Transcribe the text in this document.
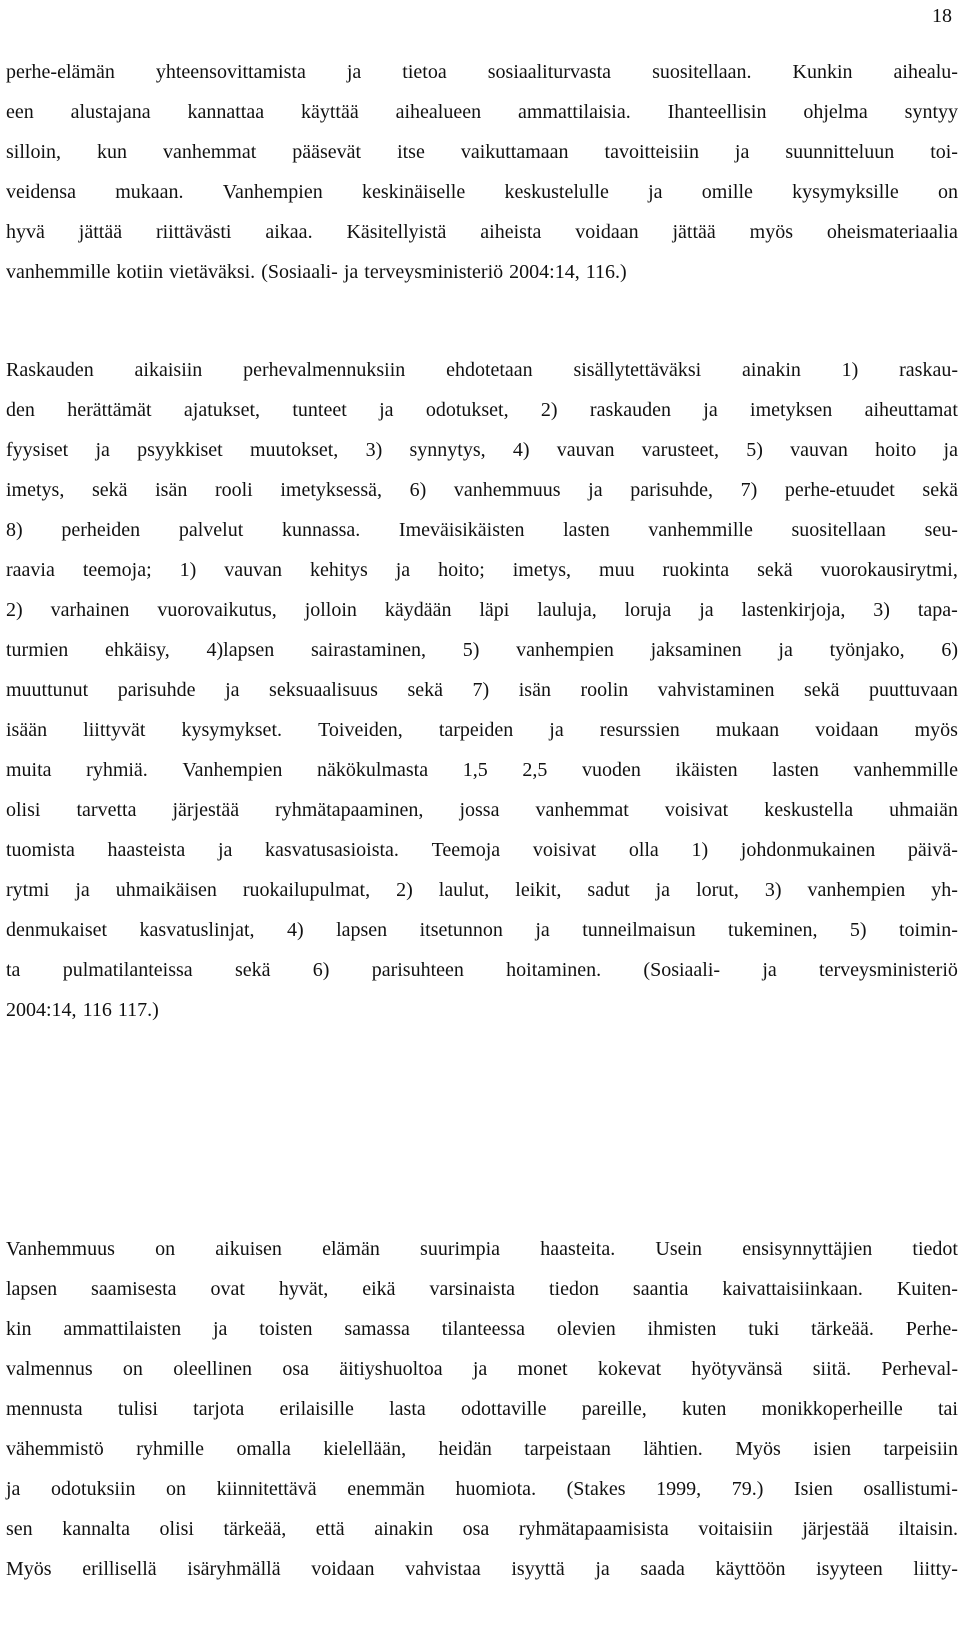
18
perhe-elämän yhteensovittamista ja tietoa sosiaaliturvasta suositellaan. Kunkin aihealu-
een alustajana kannattaa käyttää aihealueen ammattilaisia. Ihanteellisin ohjelma syntyy
silloin, kun vanhemmat pääsevät itse vaikuttamaan tavoitteisiin ja suunnitteluun toi-
veidensa mukaan. Vanhempien keskinäiselle keskustelulle ja omille kysymyksille on
hyvä jättää riittävästi aikaa. Käsitellyistä aiheista voidaan jättää myös oheismateriaalia
vanhemmille kotiin vietäväksi. (Sosiaali- ja terveysministeriö 2004:14, 116.)
Raskauden aikaisiin perhevalmennuksiin ehdotetaan sisällytettäväksi ainakin 1) raskau-
den herättämät ajatukset, tunteet ja odotukset, 2) raskauden ja imetyksen aiheuttamat
fyysiset ja psyykkiset muutokset, 3) synnytys, 4) vauvan varusteet, 5) vauvan hoito ja
imetys, sekä isän rooli imetyksessä, 6) vanhemmuus ja parisuhde, 7) perhe-etuudet sekä
8) perheiden palvelut kunnassa. Imeväisikäisten lasten vanhemmille suositellaan seu-
raavia teemoja; 1) vauvan kehitys ja hoito; imetys, muu ruokinta sekä vuorokausirytmi,
2) varhainen vuorovaikutus, jolloin käydään läpi lauluja, loruja ja lastenkirjoja, 3) tapa-
turmien ehkäisy, 4)lapsen sairastaminen, 5) vanhempien jaksaminen ja työnjako, 6)
muuttunut parisuhde ja seksuaalisuus sekä 7) isän roolin vahvistaminen sekä puuttuvaan
isään liittyvät kysymykset. Toiveiden, tarpeiden ja resurssien mukaan voidaan myös
muita ryhmiä. Vanhempien näkökulmasta 1,5 2,5 vuoden ikäisten lasten vanhemmille
olisi tarvetta järjestää ryhmätapaaminen, jossa vanhemmat voisivat keskustella uhmaiän
tuomista haasteista ja kasvatusasioista. Teemoja voisivat olla 1) johdonmukainen päivä-
rytmi ja uhmaikäisen ruokailupulmat, 2) laulut, leikit, sadut ja lorut, 3) vanhempien yh-
denmukaiset kasvatuslinjat, 4) lapsen itsetunnon ja tunneilmaisun tukeminen, 5) toimin-
ta pulmatilanteissa sekä 6) parisuhteen hoitaminen. (Sosiaali- ja terveysministeriö
2004:14, 116 117.)
Vanhemmuus on aikuisen elämän suurimpia haasteita. Usein ensisynnyttäjien tiedot
lapsen saamisesta ovat hyvät, eikä varsinaista tiedon saantia kaivattaisiinkaan. Kuiten-
kin ammattilaisten ja toisten samassa tilanteessa olevien ihmisten tuki tärkeää. Perhe-
valmennus on oleellinen osa äitiyshuoltoa ja monet kokevat hyötyvänsä siitä. Perheval-
mennusta tulisi tarjota erilaisille lasta odottaville pareille, kuten monikkoperheille tai
vähemmistö ryhmille omalla kielellään, heidän tarpeistaan lähtien. Myös isien tarpeisiin
ja odotuksiin on kiinnitettävä enemmän huomiota. (Stakes 1999, 79.) Isien osallistumi-
sen kannalta olisi tärkeää, että ainakin osa ryhmätapaamisista voitaisiin järjestää iltaisin.
Myös erillisellä isäryhmällä voidaan vahvistaa isyyttä ja saada käyttöön isyyteen liitty-
